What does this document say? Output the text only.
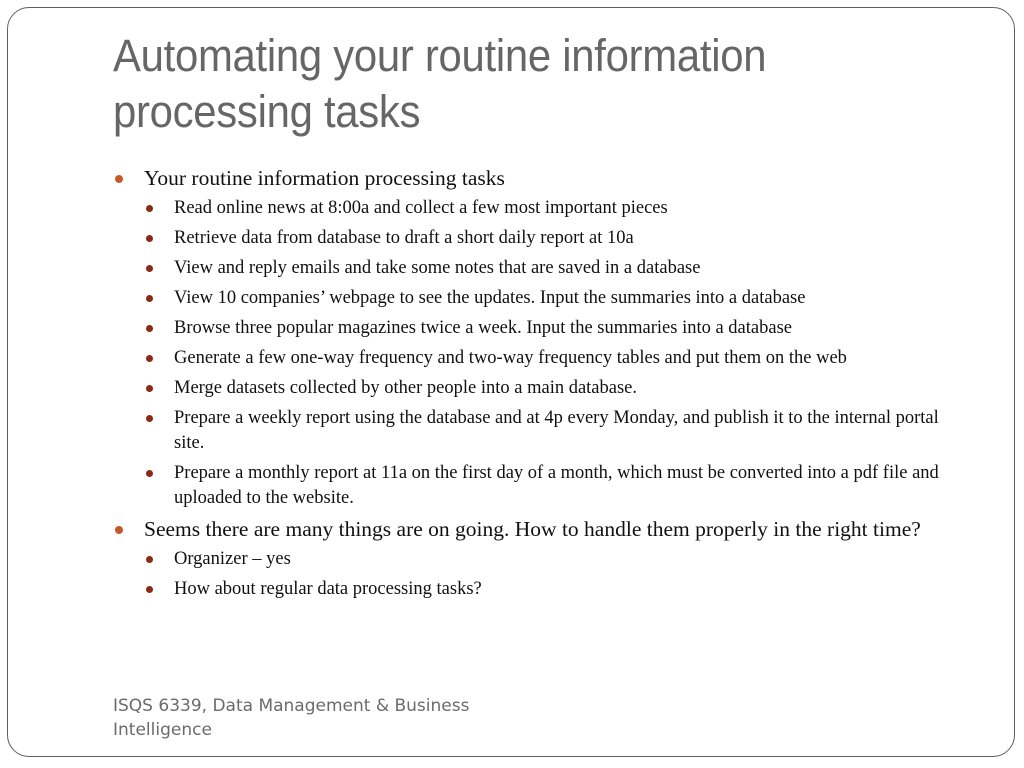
Automating your routine information
processing tasks
Your routine information processing tasks
Read online news at 8:00a and collect a few most important pieces
Retrieve data from database to draft a short daily report at 10a
View and reply emails and take some notes that are saved in a database
View 10 companies’ webpage to see the updates. Input the summaries into a database
Browse three popular magazines twice a week. Input the summaries into a database
Generate a few one-way frequency and two-way frequency tables and put them on the web
Merge datasets collected by other people into a main database.
Prepare a weekly report using the database and at 4p every Monday, and publish it to the internal portal site.
Prepare a monthly report at 11a on the first day of a month, which must be converted into a pdf file and uploaded to the website.
Seems there are many things are on going. How to handle them properly in the right time?
Organizer – yes
How about regular data processing tasks?
ISQS 6339, Data Management & Business Intelligence
